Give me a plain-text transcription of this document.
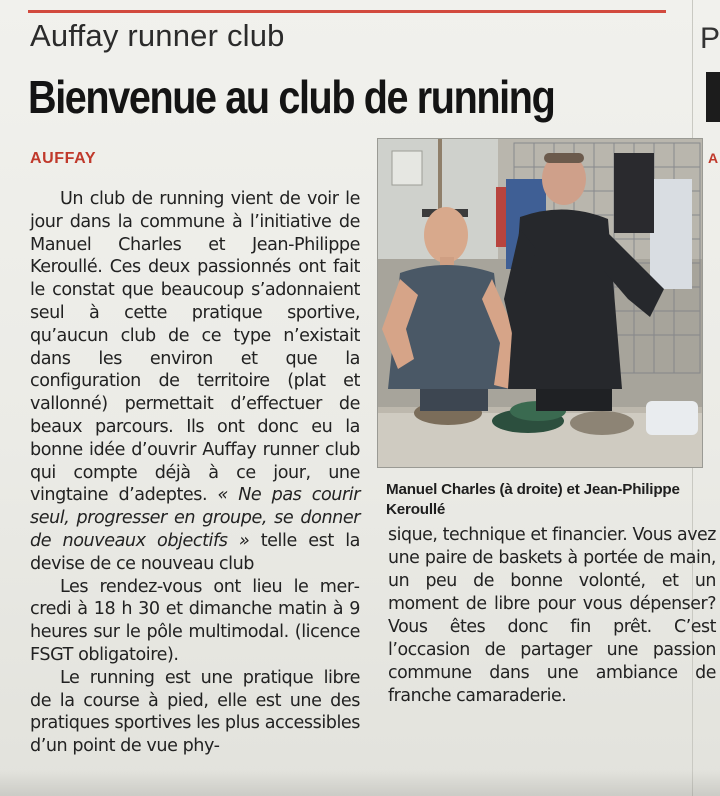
Auffay runner club
Bienvenue au club de running
P
A
AUFFAY

Un club de running vient de voir le jour dans la commune à l’initiative de Manuel Charles et Jean-Philippe Keroullé. Ces deux passionnés ont fait le constat que beaucoup s’adonnaient seul à cette pratique sportive, qu’aucun club de ce type n’existait dans les environ et que la configuration de territoire (plat et vallonné) permettait d’effectuer de beaux parcours. Ils ont donc eu la bonne idée d’ouvrir Auffay runner club qui compte déjà à ce jour, une vingtaine d’adeptes. « Ne pas courir seul, progresser en groupe, se donner de nouveaux objectifs » telle est la devise de ce nouveau club

Les rendez-vous ont lieu le mercredi à 18 h 30 et dimanche matin à 9 heures sur le pôle multimodal. (licence FSGT obligatoire).

Le running est une pratique libre de la course à pied, elle est une des pratiques sportives les plus accessibles d’un point de vue phy-

Manuel Charles (à droite) et Jean-Philippe Keroullé

sique, technique et financier. Vous avez une paire de baskets à portée de main, un peu de bonne volonté, et un moment de libre pour vous dépenser? Vous êtes donc fin prêt. C’est l’occasion de partager une passion commune dans une ambiance de franche camaraderie.
